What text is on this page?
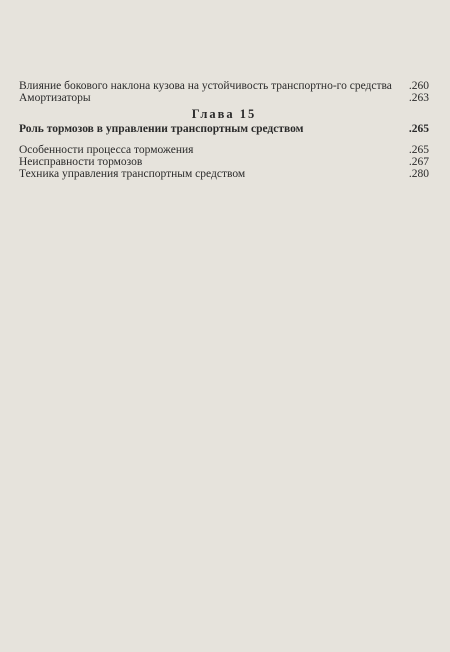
Влияние бокового наклона кузова на устойчивость транспортно-го средства	.260
Амортизаторы	.263
Глава 15
Роль тормозов в управлении транспортным средством	.265
Особенности процесса торможения	.265
Неисправности тормозов	.267
Техника управления транспортным средством	.280
